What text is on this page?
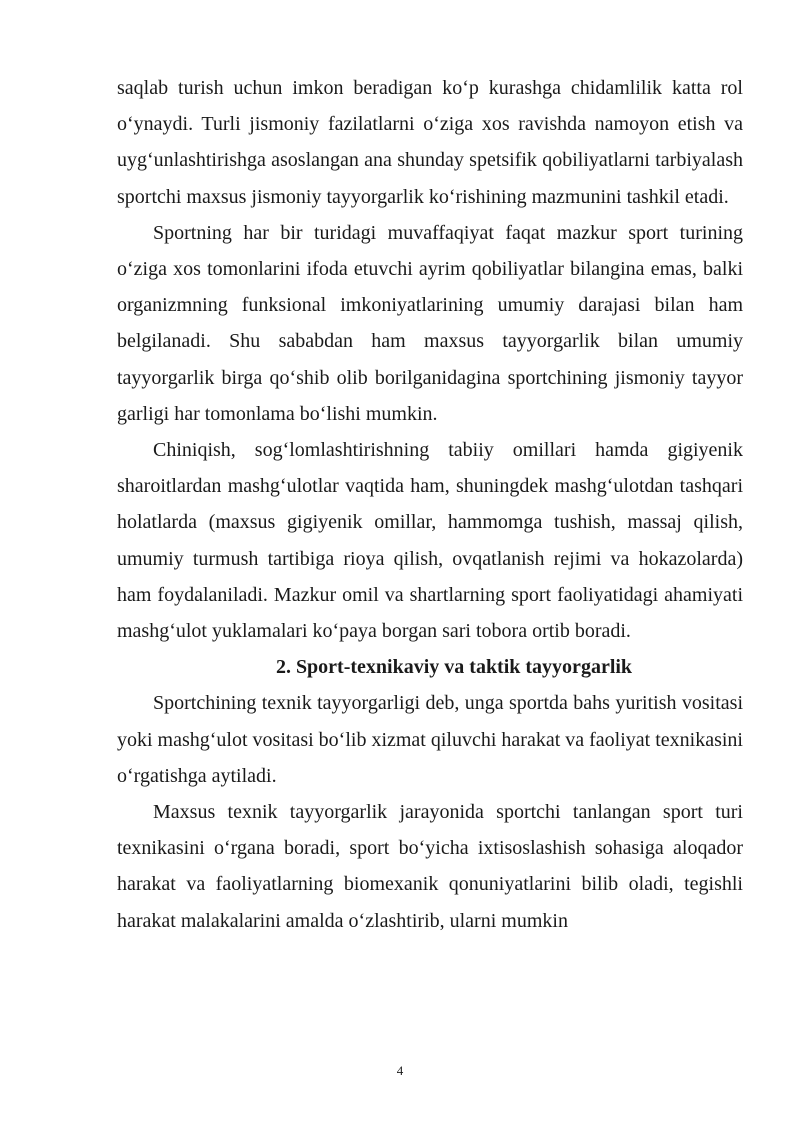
saqlab turish uchun imkon beradigan koʻp kurashga chidamlilik katta rol oʻynaydi. Turli jismoniy fazilatlarni oʻziga xos ravishda namoyon etish va uygʻunlashtirishga asoslangan ana shunday spetsifik qobiliyatlarni tarbiyalash sportchi maxsus jismoniy tayyorgarlik koʻrishining mazmunini tashkil etadi.

Sportning har bir turidagi muvaffaqiyat faqat mazkur sport turining oʻziga xos tomonlarini ifoda etuvchi ayrim qobiliyatlar bilangina emas, balki organizmning funksional imkoniyatlarining umumiy darajasi bilan ham belgilanadi. Shu sababdan ham maxsus tayyorgarlik bilan umumiy tayyorgarlik birga qoʻshib olib borilganidagina sportchining jismoniy tayyor garligi har tomonlama boʻlishi mumkin.

Chiniqish, sogʻlomlashtirishning tabiiy omillari hamda gigiyenik sharoitlardan mashgʻulotlar vaqtida ham, shuningdek mashgʻulotdan tashqari holatlarda (maxsus gigiyenik omillar, hammomga tushish, massaj qilish, umumiy turmush tartibiga rioya qilish, ovqatlanish rejimi va hokazolarda) ham foydalaniladi. Mazkur omil va shartlarning sport faoliyatidagi ahamiyati mashgʻulot yuklamalari koʻpaya borgan sari tobora ortib boradi.

2. Sport-texnikaviy va taktik tayyorgarlik

Sportchining texnik tayyorgarligi deb, unga sportda bahs yuritish vositasi yoki mashgʻulot vositasi boʻlib xizmat qiluvchi harakat va faoliyat texnikasini oʻrgatishga aytiladi.

Maxsus texnik tayyorgarlik jarayonida sportchi tanlangan sport turi texnikasini oʻrgana boradi, sport boʻyicha ixtisoslashish sohasiga aloqador harakat va faoliyatlarning biomexanik qonuniyatlarini bilib oladi, tegishli harakat malakalarini amalda oʻzlashtirib, ularni mumkin

4
